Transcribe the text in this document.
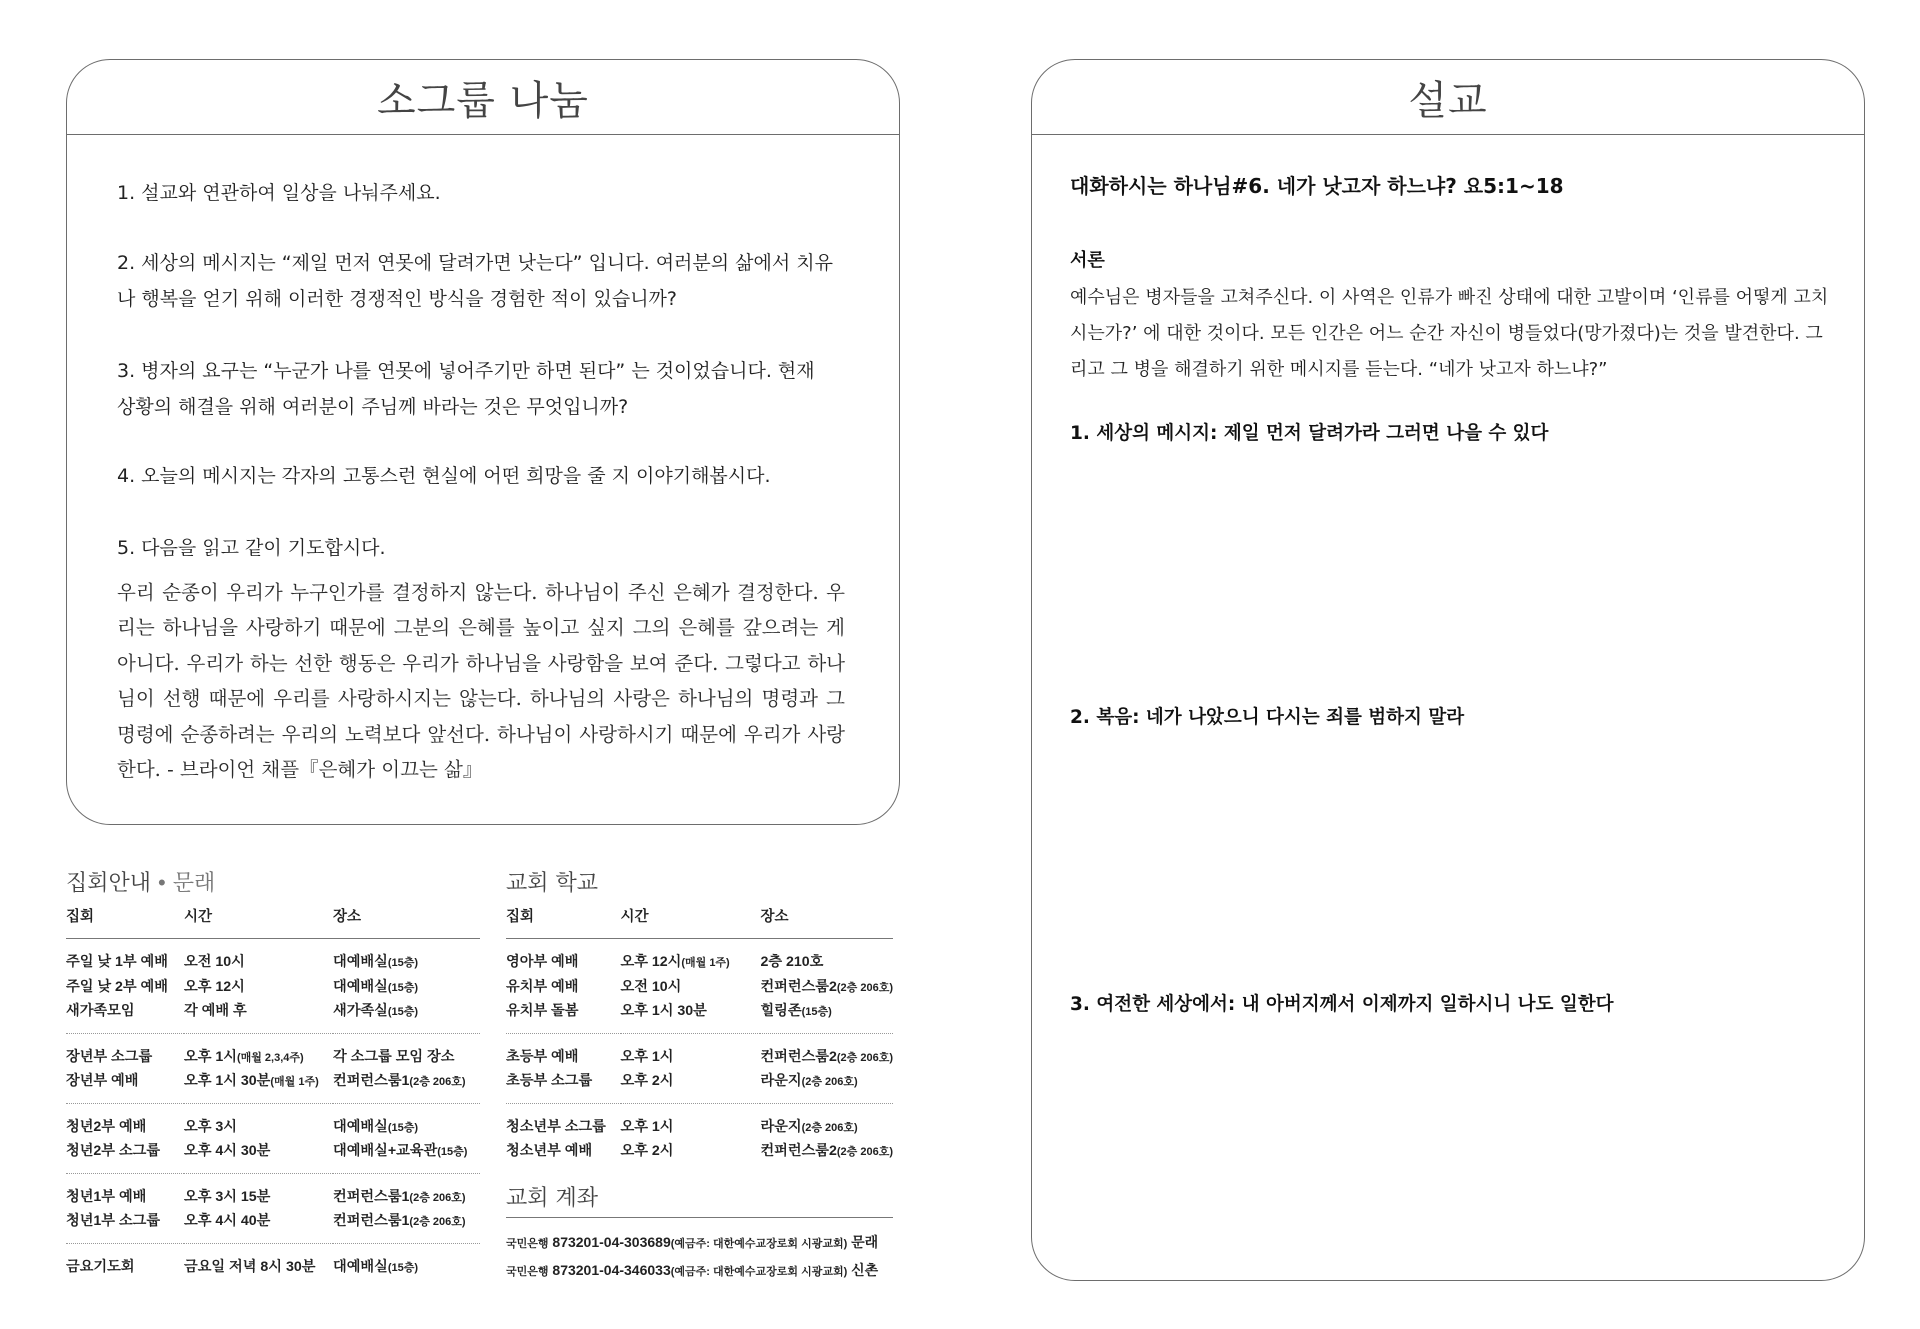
소그룹 나눔
1. 설교와 연관하여 일상을 나눠주세요.
2. 세상의 메시지는 “제일 먼저 연못에 달려가면 낫는다” 입니다. 여러분의 삶에서 치유나 행복을 얻기 위해 이러한 경쟁적인 방식을 경험한 적이 있습니까?
3. 병자의 요구는 “누군가 나를 연못에 넣어주기만 하면 된다” 는 것이었습니다. 현재 상황의 해결을 위해 여러분이 주님께 바라는 것은 무엇입니까?
4. 오늘의 메시지는 각자의 고통스런 현실에 어떤 희망을 줄 지 이야기해봅시다.
5. 다음을 읽고 같이 기도합시다.
우리 순종이 우리가 누구인가를 결정하지 않는다. 하나님이 주신 은혜가 결정한다. 우리는 하나님을 사랑하기 때문에 그분의 은혜를 높이고 싶지 그의 은혜를 갚으려는 게 아니다. 우리가 하는 선한 행동은 우리가 하나님을 사랑함을 보여 준다. 그렇다고 하나님이 선행 때문에 우리를 사랑하시지는 않는다. 하나님의 사랑은 하나님의 명령과 그 명령에 순종하려는 우리의 노력보다 앞선다. 하나님이 사랑하시기 때문에 우리가 사랑한다. - 브라이언 채플『은혜가 이끄는 삶』
설교
대화하시는 하나님#6. 네가 낫고자 하느냐? 요5:1~18
서론
예수님은 병자들을 고쳐주신다. 이 사역은 인류가 빠진 상태에 대한 고발이며 ‘인류를 어떻게 고치시는가?’ 에 대한 것이다. 모든 인간은 어느 순간 자신이 병들었다(망가졌다)는 것을 발견한다. 그리고 그 병을 해결하기 위한 메시지를 듣는다. “네가 낫고자 하느냐?”
1. 세상의 메시지: 제일 먼저 달려가라 그러면 나을 수 있다
2. 복음: 네가 나았으니 다시는 죄를 범하지 말라
3. 여전한 세상에서: 내 아버지께서 이제까지 일하시니 나도 일한다
집회안내 • 문래
집회	시간	장소
주일 낮 1부 예배	오전 10시	대예배실(15층)
주일 낮 2부 예배	오후 12시	대예배실(15층)
새가족모임	각 예배 후	새가족실(15층)
장년부 소그룹	오후 1시(매월 2,3,4주)	각 소그룹 모임 장소
장년부 예배	오후 1시 30분(매월 1주)	컨퍼런스룸1(2층 206호)
청년2부 예배	오후 3시	대예배실(15층)
청년2부 소그룹	오후 4시 30분	대예배실+교육관(15층)
청년1부 예배	오후 3시 15분	컨퍼런스룸1(2층 206호)
청년1부 소그룹	오후 4시 40분	컨퍼런스룸1(2층 206호)
금요기도회	금요일 저녁 8시 30분	대예배실(15층)
교회 학교
집회	시간	장소
영아부 예배	오후 12시(매월 1주)	2층 210호
유치부 예배	오전 10시	컨퍼런스룸2(2층 206호)
유치부 돌봄	오후 1시 30분	힐링존(15층)
초등부 예배	오후 1시	컨퍼런스룸2(2층 206호)
초등부 소그룹	오후 2시	라운지(2층 206호)
청소년부 소그룹	오후 1시	라운지(2층 206호)
청소년부 예배	오후 2시	컨퍼런스룸2(2층 206호)
교회 계좌
국민은행 873201-04-303689(예금주: 대한예수교장로회 시광교회) 문래
국민은행 873201-04-346033(예금주: 대한예수교장로회 시광교회) 신촌
